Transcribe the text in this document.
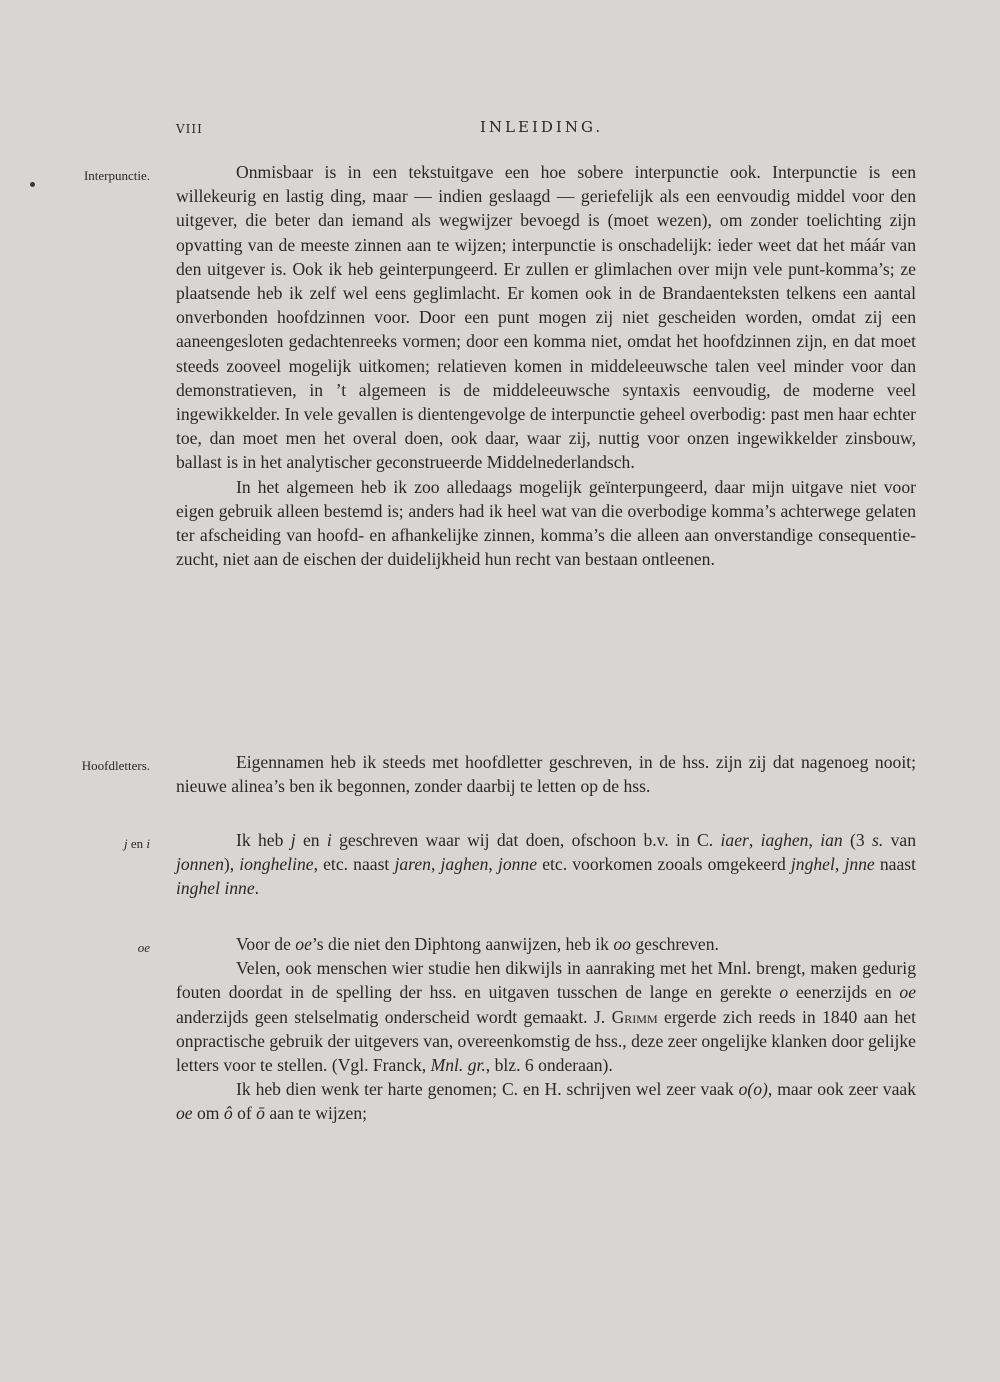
VIII	INLEIDING.
Interpunctie.
Hoofdletters.
j en i
oe

Onmisbaar is in een tekstuitgave een hoe sobere interpunctie ook. Interpunctie is een willekeurig en lastig ding, maar — indien geslaagd — geriefelijk als een eenvoudig middel voor den uitgever, die beter dan iemand als wegwijzer bevoegd is (moet wezen), om zonder toelichting zijn opvatting van de meeste zinnen aan te wijzen; interpunctie is onschadelijk: ieder weet dat het máár van den uitgever is. Ook ik heb geinterpungeerd. Er zullen er glimlachen over mijn vele punt-komma’s; ze plaatsende heb ik zelf wel eens geglimlacht. Er komen ook in de Brandaenteksten telkens een aantal onverbonden hoofdzinnen voor. Door een punt mogen zij niet gescheiden worden, omdat zij een aaneengesloten gedachtenreeks vormen; door een komma niet, omdat het hoofdzinnen zijn, en dat moet steeds zooveel mogelijk uitkomen; relatieven komen in middeleeuwsche talen veel minder voor dan demonstratieven, in ’t algemeen is de middeleeuwsche syntaxis eenvoudig, de moderne veel ingewikkelder. In vele gevallen is dientengevolge de interpunctie geheel overbodig: past men haar echter toe, dan moet men het overal doen, ook daar, waar zij, nuttig voor onzen ingewikkelder zinsbouw, ballast is in het analytischer geconstrueerde Middelnederlandsch.

In het algemeen heb ik zoo alledaags mogelijk geïnterpungeerd, daar mijn uitgave niet voor eigen gebruik alleen bestemd is; anders had ik heel wat van die overbodige komma’s achterwege gelaten ter afscheiding van hoofd- en afhankelijke zinnen, komma’s die alleen aan onverstandige consequentie-zucht, niet aan de eischen der duidelijkheid hun recht van bestaan ontleenen.

Eigennamen heb ik steeds met hoofdletter geschreven, in de hss. zijn zij dat nagenoeg nooit; nieuwe alinea’s ben ik begonnen, zonder daarbij te letten op de hss.

Ik heb j en i geschreven waar wij dat doen, ofschoon b.v. in C. iaer, iaghen, ian (3 s. van jonnen), iongheline, etc. naast jaren, jaghen, jonne etc. voorkomen zooals omgekeerd jnghel, jnne naast inghel inne.

Voor de oe’s die niet den Diphtong aanwijzen, heb ik oo geschreven.

Velen, ook menschen wier studie hen dikwijls in aanraking met het Mnl. brengt, maken gedurig fouten doordat in de spelling der hss. en uitgaven tusschen de lange en gerekte o eenerzijds en oe anderzijds geen stelselmatig onderscheid wordt gemaakt. J. Grimm ergerde zich reeds in 1840 aan het onpractische gebruik der uitgevers van, overeenkomstig de hss., deze zeer ongelijke klanken door gelijke letters voor te stellen. (Vgl. Franck, Mnl. gr., blz. 6 onderaan).

Ik heb dien wenk ter harte genomen; C. en H. schrijven wel zeer vaak o(o), maar ook zeer vaak oe om ô of ō aan te wijzen;
